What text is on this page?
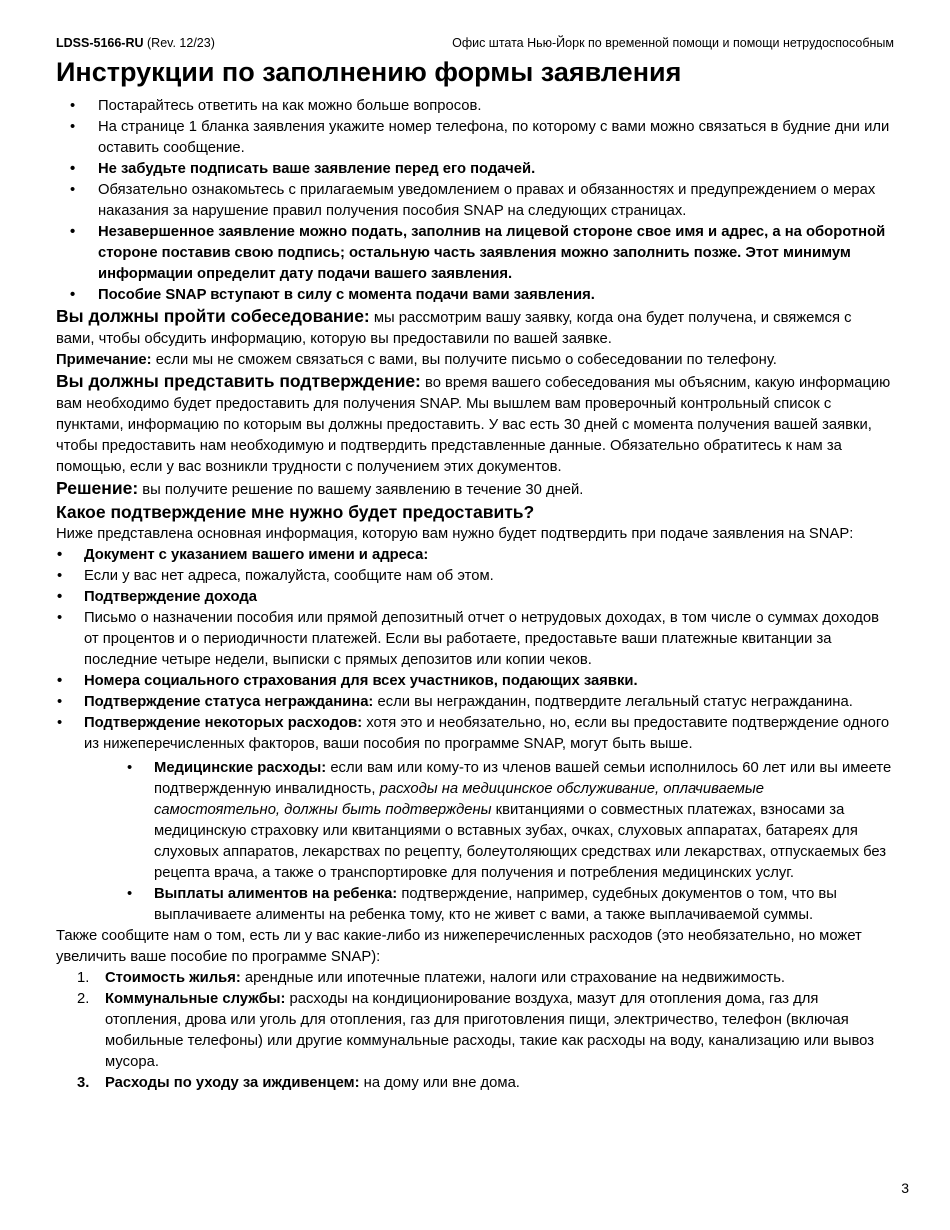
LDSS-5166-RU (Rev. 12/23)	Офис штата Нью-Йорк по временной помощи и помощи нетрудоспособным
Инструкции по заполнению формы заявления
• Постарайтесь ответить на как можно больше вопросов.
• На странице 1 бланка заявления укажите номер телефона, по которому с вами можно связаться в будние дни или оставить сообщение.
• Не забудьте подписать ваше заявление перед его подачей.
• Обязательно ознакомьтесь с прилагаемым уведомлением о правах и обязанностях и предупреждением о мерах наказания за нарушение правил получения пособия SNAP на следующих страницах.
• Незавершенное заявление можно подать, заполнив на лицевой стороне свое имя и адрес, а на оборотной стороне поставив свою подпись; остальную часть заявления можно заполнить позже. Этот минимум информации определит дату подачи вашего заявления.
• Пособие SNAP вступают в силу с момента подачи вами заявления.

Вы должны пройти собеседование: мы рассмотрим вашу заявку, когда она будет получена, и свяжемся с вами, чтобы обсудить информацию, которую вы предоставили по вашей заявке.

Примечание: если мы не сможем связаться с вами, вы получите письмо о собеседовании по телефону.

Вы должны представить подтверждение: во время вашего собеседования мы объясним, какую информацию вам необходимо будет предоставить для получения SNAP. Мы вышлем вам проверочный контрольный список с пунктами, информацию по которым вы должны предоставить. У вас есть 30 дней с момента получения вашей заявки, чтобы предоставить нам необходимую и подтвердить представленные данные. Обязательно обратитесь к нам за помощью, если у вас возникли трудности с получением этих документов.

Решение: вы получите решение по вашему заявлению в течение 30 дней.

Какое подтверждение мне нужно будет предоставить?

Ниже представлена основная информация, которую вам нужно будет подтвердить при подаче заявления на SNAP:

• Документ с указанием вашего имени и адреса:
• Если у вас нет адреса, пожалуйста, сообщите нам об этом.
• Подтверждение дохода
• Письмо о назначении пособия или прямой депозитный отчет о нетрудовых доходах, в том числе о суммах доходов от процентов и о периодичности платежей. Если вы работаете, предоставьте ваши платежные квитанции за последние четыре недели, выписки с прямых депозитов или копии чеков.
• Номера социального страхования для всех участников, подающих заявки.
• Подтверждение статуса негражданина: если вы негражданин, подтвердите легальный статус негражданина.
• Подтверждение некоторых расходов: хотя это и необязательно, но, если вы предоставите подтверждение одного из нижеперечисленных факторов, ваши пособия по программе SNAP, могут быть выше.
• Медицинские расходы: если вам или кому-то из членов вашей семьи исполнилось 60 лет или вы имеете подтвержденную инвалидность, расходы на медицинское обслуживание, оплачиваемые самостоятельно, должны быть подтверждены квитанциями о совместных платежах, взносами за медицинскую страховку или квитанциями о вставных зубах, очках, слуховых аппаратах, батареях для слуховых аппаратов, лекарствах по рецепту, болеутоляющих средствах или лекарствах, отпускаемых без рецепта врача, а также о транспортировке для получения и потребления медицинских услуг.
• Выплаты алиментов на ребенка: подтверждение, например, судебных документов о том, что вы выплачиваете алименты на ребенка тому, кто не живет с вами, а также выплачиваемой суммы.

Также сообщите нам о том, есть ли у вас какие-либо из нижеперечисленных расходов (это необязательно, но может увеличить ваше пособие по программе SNAP):

1. Стоимость жилья: арендные или ипотечные платежи, налоги или страхование на недвижимость.
2. Коммунальные службы: расходы на кондиционирование воздуха, мазут для отопления дома, газ для отопления, дрова или уголь для отопления, газ для приготовления пищи, электричество, телефон (включая мобильные телефоны) или другие коммунальные расходы, такие как расходы на воду, канализацию или вывоз мусора.
3. Расходы по уходу за иждивенцем: на дому или вне дома.
3
